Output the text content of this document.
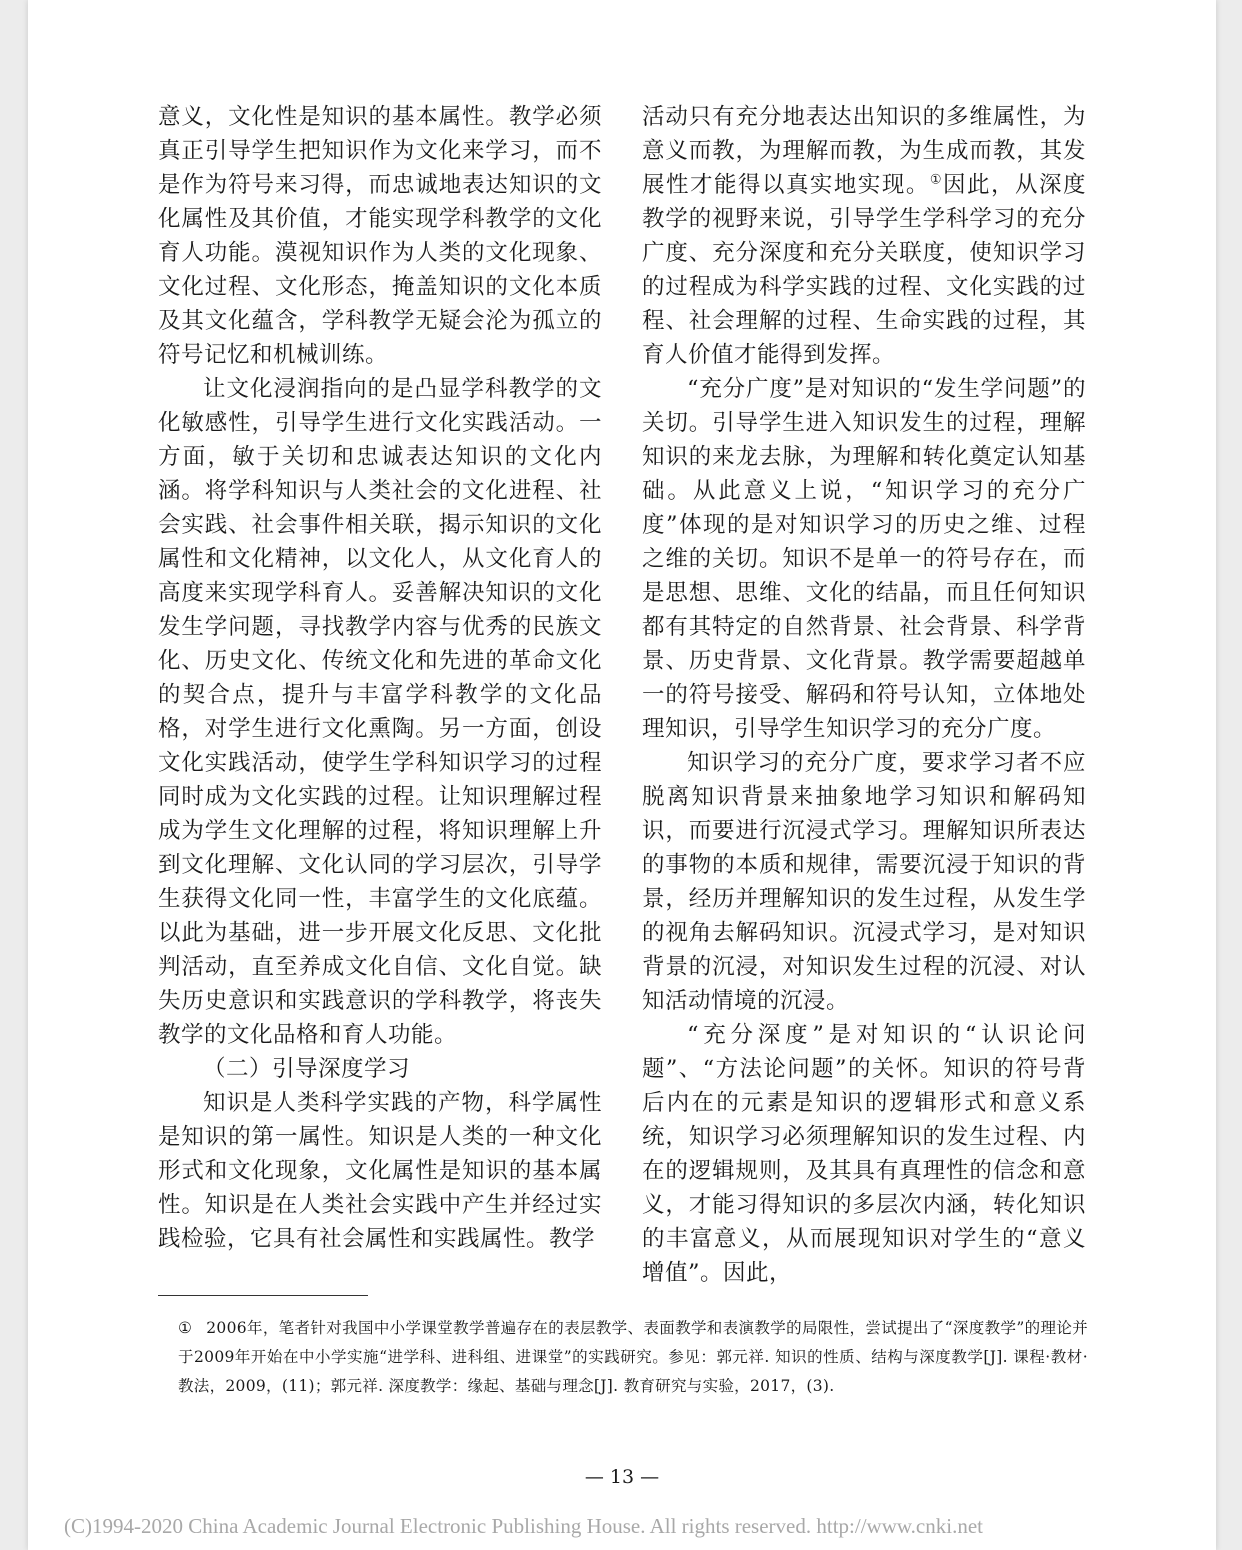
意义，文化性是知识的基本属性。教学必须真正引导学生把知识作为文化来学习，而不是作为符号来习得，而忠诚地表达知识的文化属性及其价值，才能实现学科教学的文化育人功能。漠视知识作为人类的文化现象、文化过程、文化形态，掩盖知识的文化本质及其文化蕴含，学科教学无疑会沦为孤立的符号记忆和机械训练。

让文化浸润指向的是凸显学科教学的文化敏感性，引导学生进行文化实践活动。一方面，敏于关切和忠诚表达知识的文化内涵。将学科知识与人类社会的文化进程、社会实践、社会事件相关联，揭示知识的文化属性和文化精神，以文化人，从文化育人的高度来实现学科育人。妥善解决知识的文化发生学问题，寻找教学内容与优秀的民族文化、历史文化、传统文化和先进的革命文化的契合点，提升与丰富学科教学的文化品格，对学生进行文化熏陶。另一方面，创设文化实践活动，使学生学科知识学习的过程同时成为文化实践的过程。让知识理解过程成为学生文化理解的过程，将知识理解上升到文化理解、文化认同的学习层次，引导学生获得文化同一性，丰富学生的文化底蕴。以此为基础，进一步开展文化反思、文化批判活动，直至养成文化自信、文化自觉。缺失历史意识和实践意识的学科教学，将丧失教学的文化品格和育人功能。

（二）引导深度学习

知识是人类科学实践的产物，科学属性是知识的第一属性。知识是人类的一种文化形式和文化现象，文化属性是知识的基本属性。知识是在人类社会实践中产生并经过实践检验，它具有社会属性和实践属性。教学

活动只有充分地表达出知识的多维属性，为意义而教，为理解而教，为生成而教，其发展性才能得以真实地实现。①因此，从深度教学的视野来说，引导学生学科学习的充分广度、充分深度和充分关联度，使知识学习的过程成为科学实践的过程、文化实践的过程、社会理解的过程、生命实践的过程，其育人价值才能得到发挥。

“充分广度”是对知识的“发生学问题”的关切。引导学生进入知识发生的过程，理解知识的来龙去脉，为理解和转化奠定认知基础。从此意义上说，“知识学习的充分广度”体现的是对知识学习的历史之维、过程之维的关切。知识不是单一的符号存在，而是思想、思维、文化的结晶，而且任何知识都有其特定的自然背景、社会背景、科学背景、历史背景、文化背景。教学需要超越单一的符号接受、解码和符号认知，立体地处理知识，引导学生知识学习的充分广度。

知识学习的充分广度，要求学习者不应脱离知识背景来抽象地学习知识和解码知识，而要进行沉浸式学习。理解知识所表达的事物的本质和规律，需要沉浸于知识的背景，经历并理解知识的发生过程，从发生学的视角去解码知识。沉浸式学习，是对知识背景的沉浸，对知识发生过程的沉浸、对认知活动情境的沉浸。

“充分深度”是对知识的“认识论问题”、“方法论问题”的关怀。知识的符号背后内在的元素是知识的逻辑形式和意义系统，知识学习必须理解知识的发生过程、内在的逻辑规则，及其具有真理性的信念和意义，才能习得知识的多层次内涵，转化知识的丰富意义，从而展现知识对学生的“意义增值”。因此，

① 2006年，笔者针对我国中小学课堂教学普遍存在的表层教学、表面教学和表演教学的局限性，尝试提出了“深度教学”的理论并于2009年开始在中小学实施“进学科、进科组、进课堂”的实践研究。参见：郭元祥. 知识的性质、结构与深度教学[J]. 课程·教材·教法，2009，(11)；郭元祥. 深度教学：缘起、基础与理念[J]. 教育研究与实验，2017，(3).
— 13 —
(C)1994-2020 China Academic Journal Electronic Publishing House. All rights reserved. http://www.cnki.net
